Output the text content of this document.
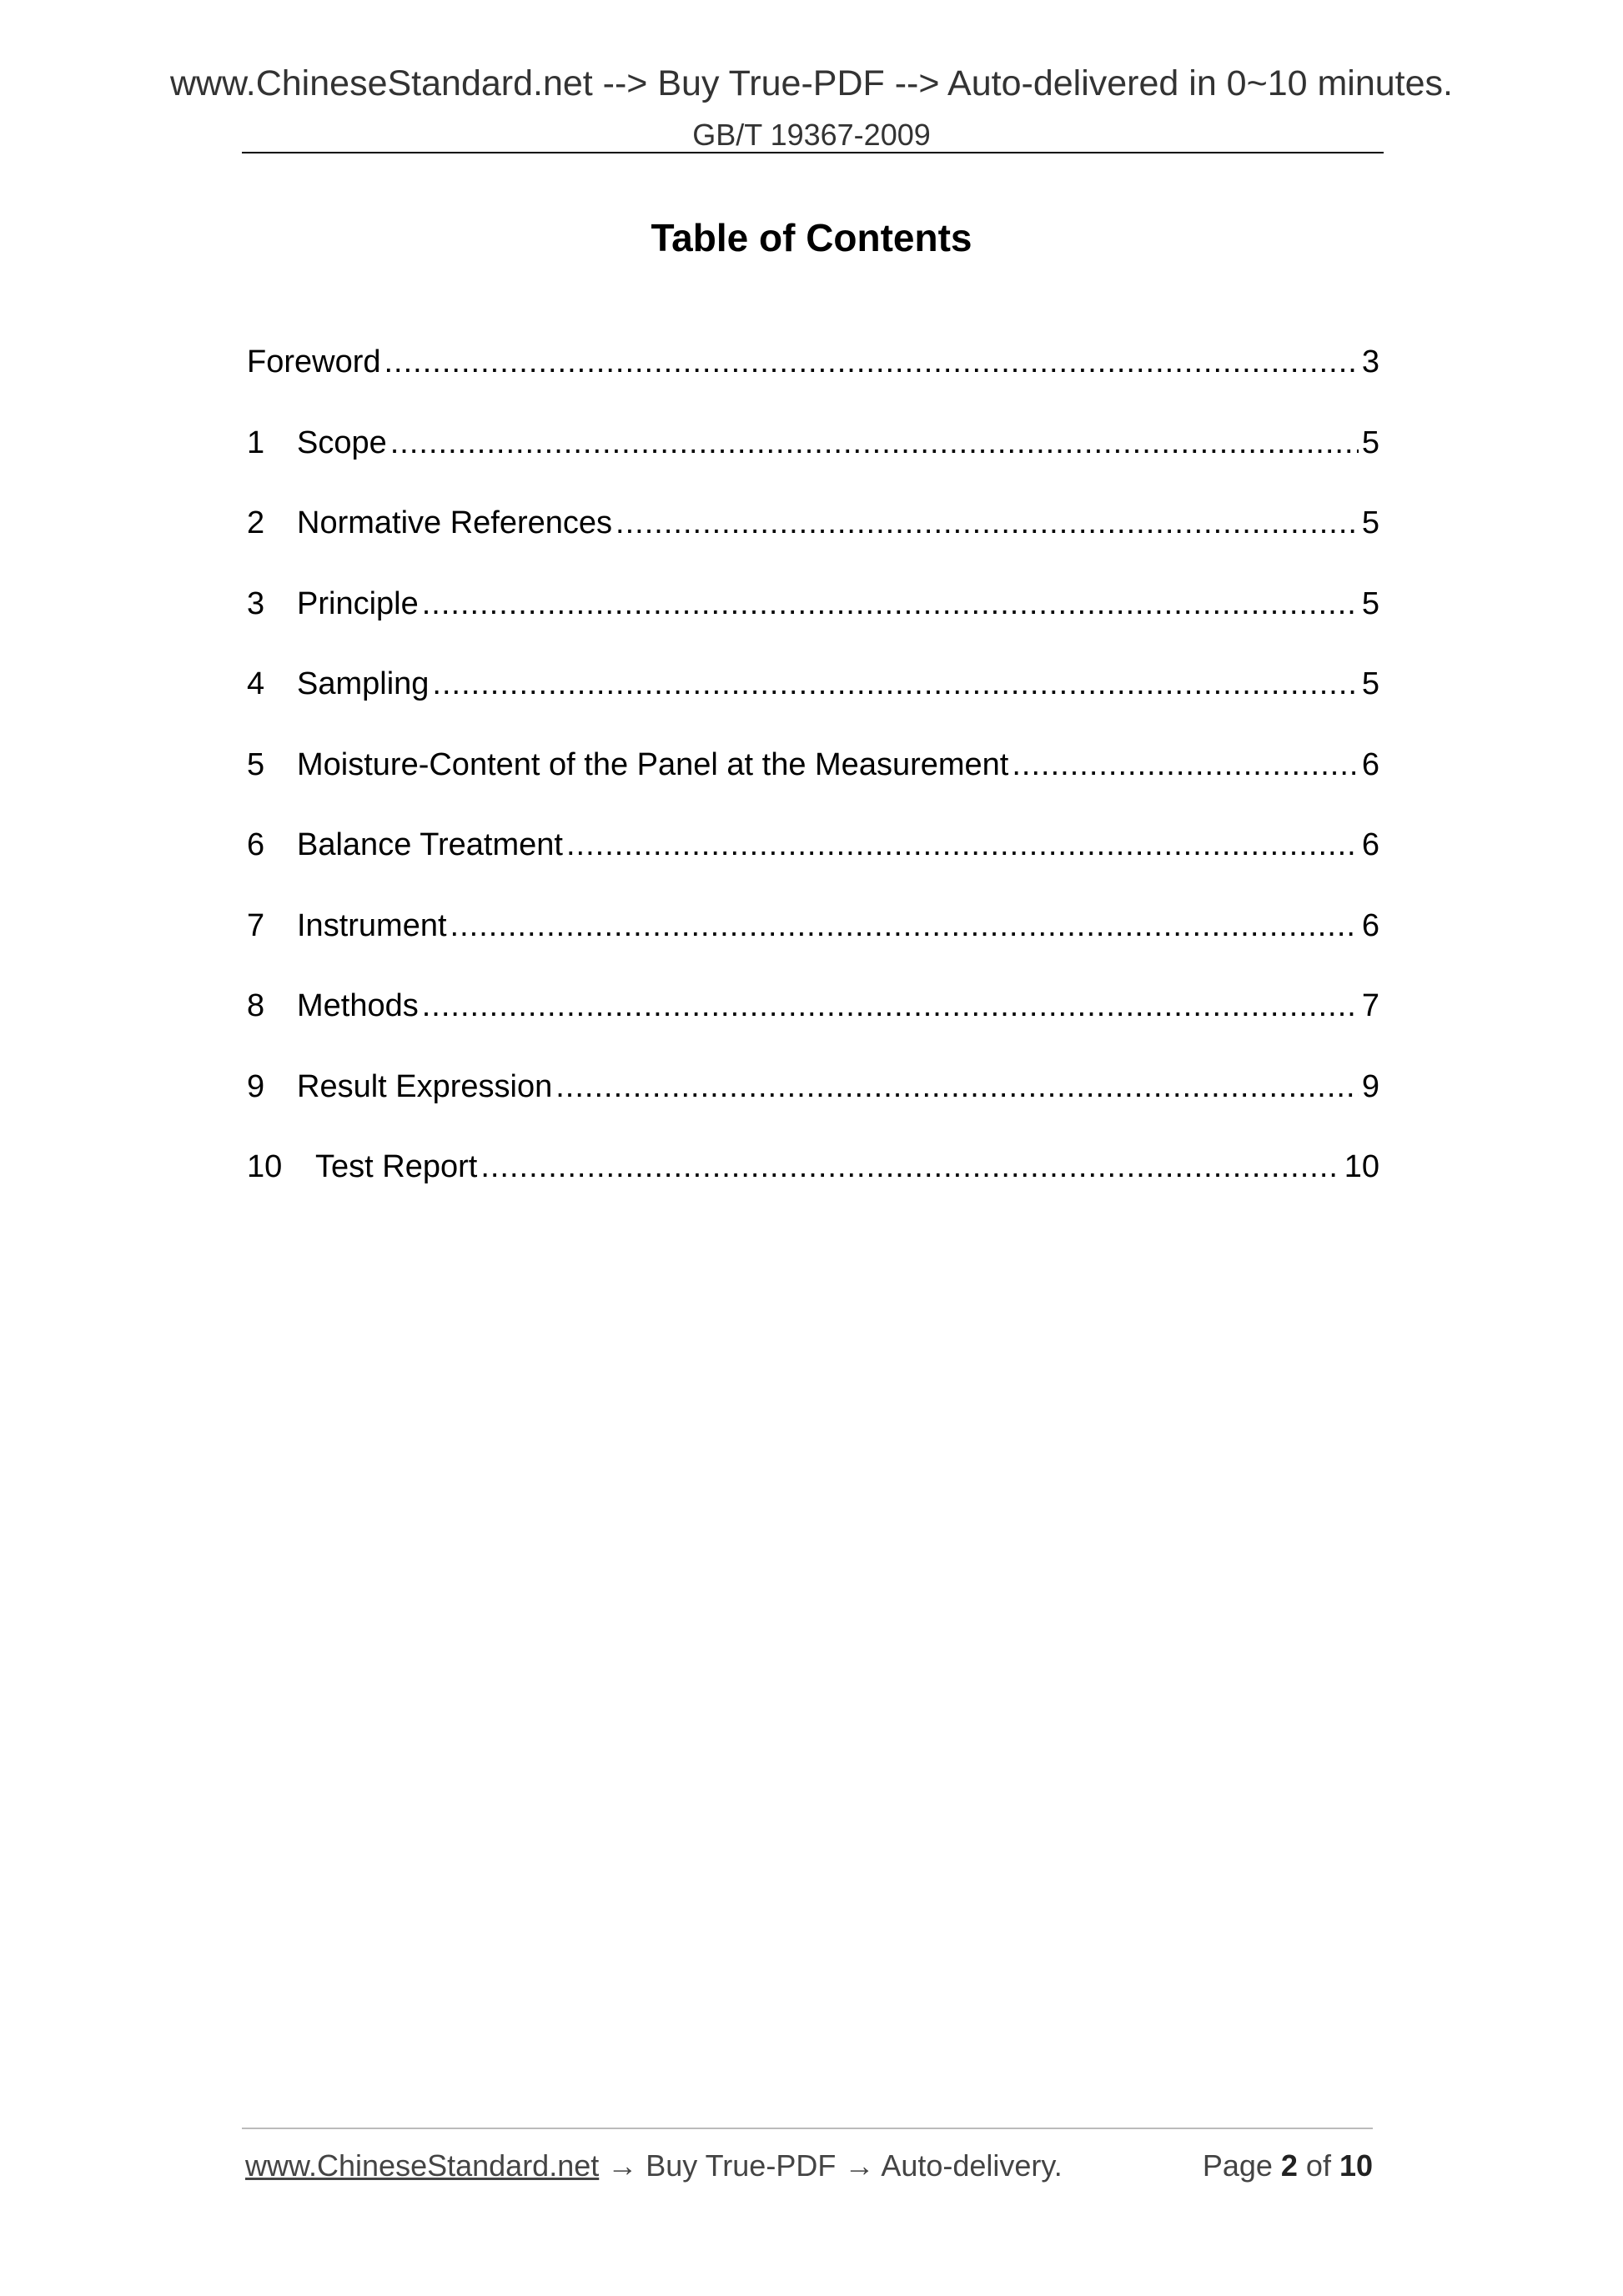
www.ChineseStandard.net --> Buy True-PDF --> Auto-delivered in 0~10 minutes.
GB/T 19367-2009
Table of Contents
Foreword .....	3
1	Scope .....	5
2	Normative References .....	5
3	Principle .....	5
4	Sampling .....	5
5	Moisture-Content of the Panel at the Measurement .....	6
6	Balance Treatment .....	6
7	Instrument .....	6
8	Methods .....	7
9	Result Expression .....	9
10	Test Report .....	10
www.ChineseStandard.net → Buy True-PDF → Auto-delivery.	Page 2 of 10
